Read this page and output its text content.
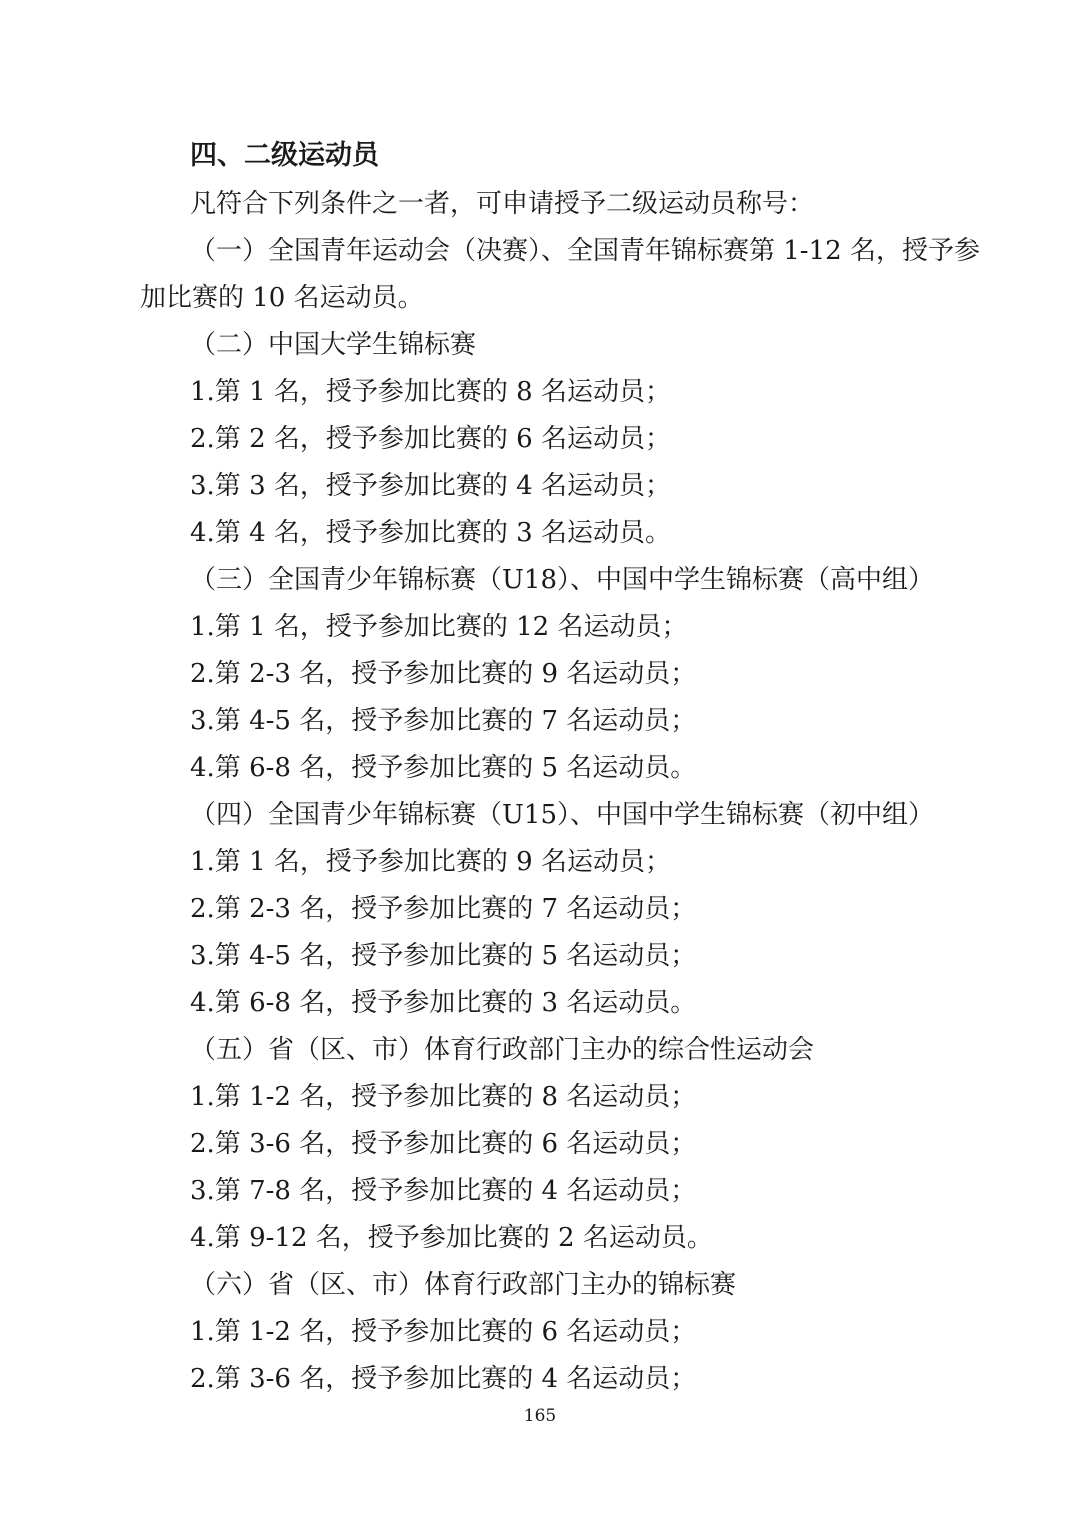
四、二级运动员
凡符合下列条件之一者，可申请授予二级运动员称号：
（一）全国青年运动会（决赛）、全国青年锦标赛第 1-12 名，授予参
加比赛的 10 名运动员。
（二）中国大学生锦标赛
1.第 1 名，授予参加比赛的 8 名运动员；
2.第 2 名，授予参加比赛的 6 名运动员；
3.第 3 名，授予参加比赛的 4 名运动员；
4.第 4 名，授予参加比赛的 3 名运动员。
（三）全国青少年锦标赛（U18）、中国中学生锦标赛（高中组）
1.第 1 名，授予参加比赛的 12 名运动员；
2.第 2-3 名，授予参加比赛的 9 名运动员；
3.第 4-5 名，授予参加比赛的 7 名运动员；
4.第 6-8 名，授予参加比赛的 5 名运动员。
（四）全国青少年锦标赛（U15）、中国中学生锦标赛（初中组）
1.第 1 名，授予参加比赛的 9 名运动员；
2.第 2-3 名，授予参加比赛的 7 名运动员；
3.第 4-5 名，授予参加比赛的 5 名运动员；
4.第 6-8 名，授予参加比赛的 3 名运动员。
（五）省（区、市）体育行政部门主办的综合性运动会
1.第 1-2 名，授予参加比赛的 8 名运动员；
2.第 3-6 名，授予参加比赛的 6 名运动员；
3.第 7-8 名，授予参加比赛的 4 名运动员；
4.第 9-12 名，授予参加比赛的 2 名运动员。
（六）省（区、市）体育行政部门主办的锦标赛
1.第 1-2 名，授予参加比赛的 6 名运动员；
2.第 3-6 名，授予参加比赛的 4 名运动员；
165
